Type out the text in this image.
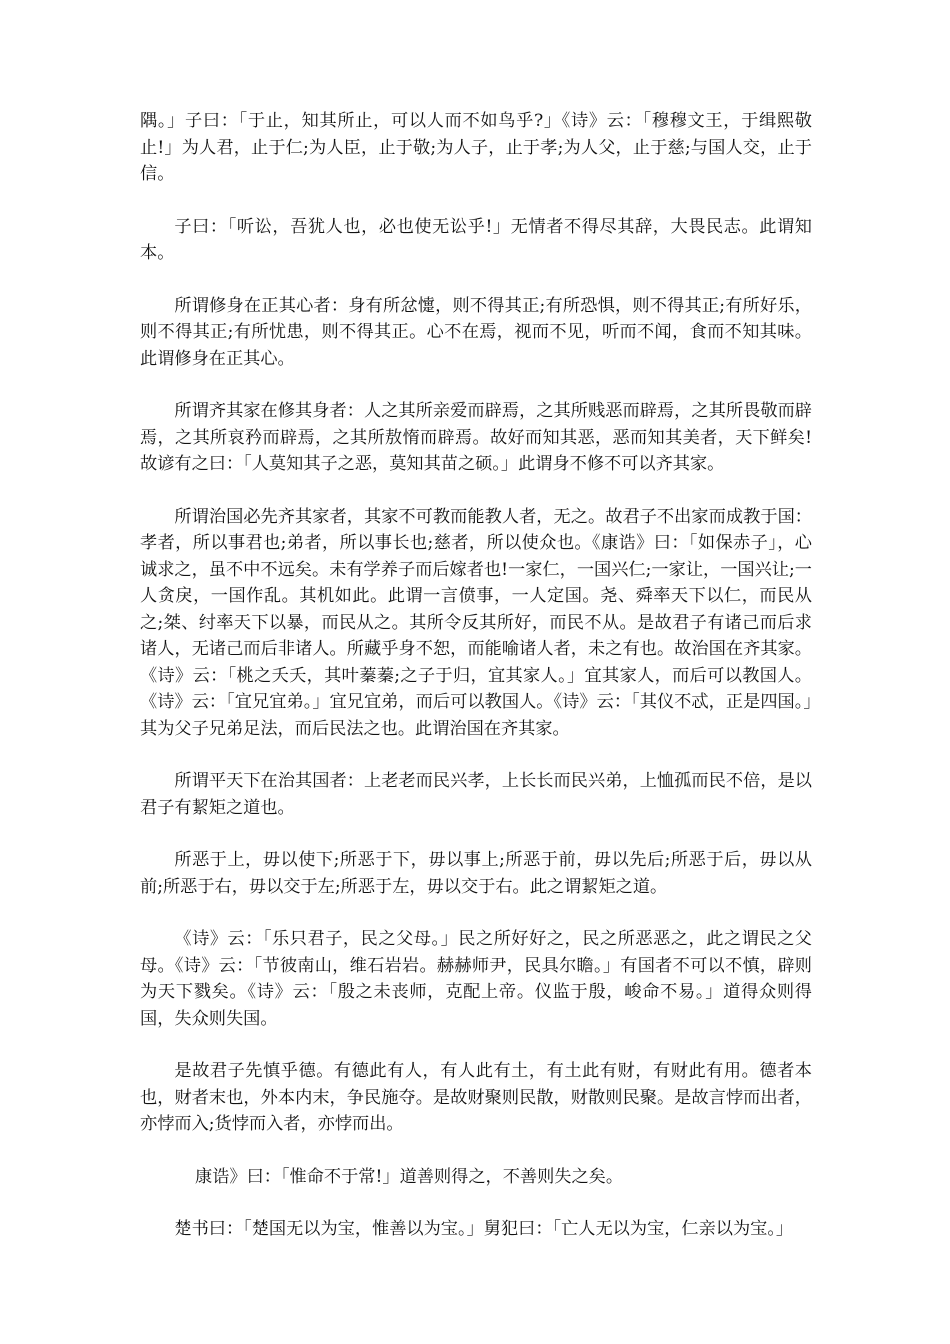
隅。」子曰：「于止，知其所止，可以人而不如鸟乎?」《诗》云：「穆穆文王，于缉熙敬止!」为人君，止于仁;为人臣，止于敬;为人子，止于孝;为人父，止于慈;与国人交，止于信。

子曰：「听讼，吾犹人也，必也使无讼乎!」无情者不得尽其辞，大畏民志。此谓知本。

所谓修身在正其心者：身有所忿懥，则不得其正;有所恐惧，则不得其正;有所好乐，则不得其正;有所忧患，则不得其正。心不在焉，视而不见，听而不闻，食而不知其味。此谓修身在正其心。

所谓齐其家在修其身者：人之其所亲爱而辟焉，之其所贱恶而辟焉，之其所畏敬而辟焉，之其所哀矜而辟焉，之其所敖惰而辟焉。故好而知其恶，恶而知其美者，天下鲜矣!故谚有之曰：「人莫知其子之恶，莫知其苗之硕。」此谓身不修不可以齐其家。

所谓治国必先齐其家者，其家不可教而能教人者，无之。故君子不出家而成教于国：孝者，所以事君也;弟者，所以事长也;慈者，所以使众也。《康诰》曰：「如保赤子」，心诚求之，虽不中不远矣。未有学养子而后嫁者也!一家仁，一国兴仁;一家让，一国兴让;一人贪戾，一国作乱。其机如此。此谓一言偾事，一人定国。尧、舜率天下以仁，而民从之;桀、纣率天下以暴，而民从之。其所令反其所好，而民不从。是故君子有诸己而后求诸人，无诸己而后非诸人。所藏乎身不恕，而能喻诸人者，未之有也。故治国在齐其家。《诗》云：「桃之夭夭，其叶蓁蓁;之子于归，宜其家人。」宜其家人，而后可以教国人。《诗》云：「宜兄宜弟。」宜兄宜弟，而后可以教国人。《诗》云：「其仪不忒，正是四国。」其为父子兄弟足法，而后民法之也。此谓治国在齐其家。

所谓平天下在治其国者：上老老而民兴孝，上长长而民兴弟，上恤孤而民不倍，是以君子有絜矩之道也。

所恶于上，毋以使下;所恶于下，毋以事上;所恶于前，毋以先后;所恶于后，毋以从前;所恶于右，毋以交于左;所恶于左，毋以交于右。此之谓絜矩之道。

《诗》云：「乐只君子，民之父母。」民之所好好之，民之所恶恶之，此之谓民之父母。《诗》云：「节彼南山，维石岩岩。赫赫师尹，民具尔瞻。」有国者不可以不慎，辟则为天下戮矣。《诗》云：「殷之未丧师，克配上帝。仪监于殷，峻命不易。」道得众则得国，失众则失国。

是故君子先慎乎德。有德此有人，有人此有土，有土此有财，有财此有用。德者本也，财者末也，外本内末，争民施夺。是故财聚则民散，财散则民聚。是故言悖而出者，亦悖而入;货悖而入者，亦悖而出。

康诰》曰：「惟命不于常!」道善则得之，不善则失之矣。

楚书曰：「楚国无以为宝，惟善以为宝。」舅犯曰：「亡人无以为宝，仁亲以为宝。」
